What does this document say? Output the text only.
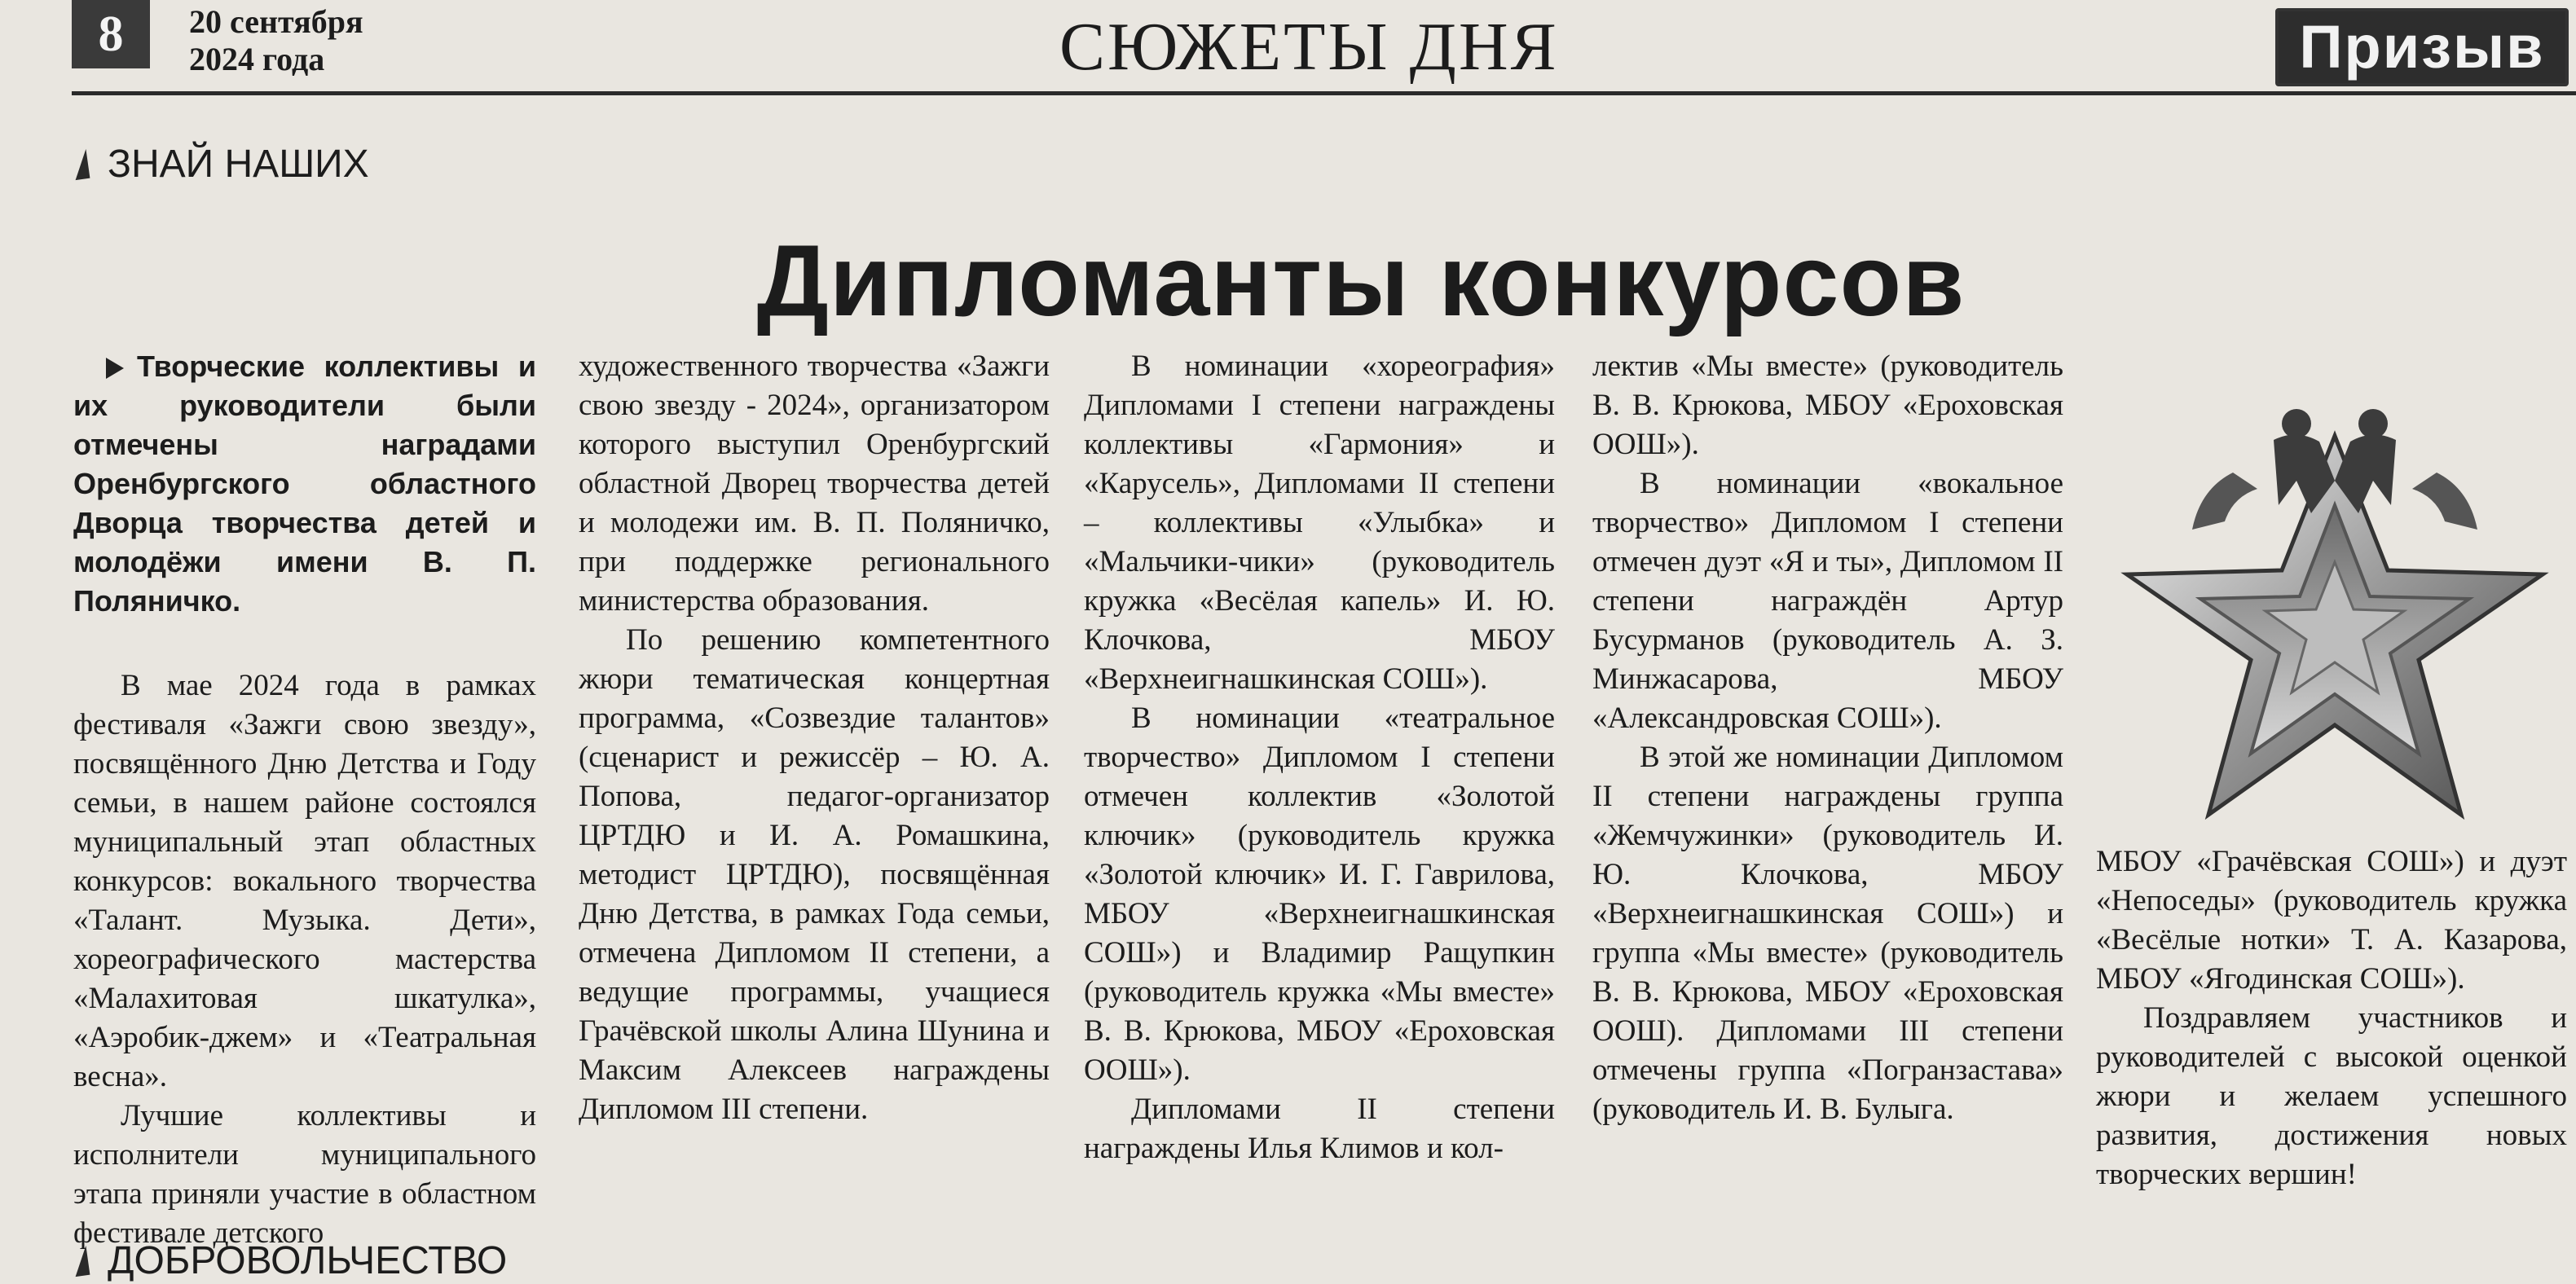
8	20 сентября
2024 года	СЮЖЕТЫ ДНЯ	Призыв
ЗНАЙ НАШИХ
Дипломанты конкурсов

Творческие коллективы и их руководители были отмечены наградами Оренбургского областного Дворца творчества детей и молодёжи имени В. П. Поляничко.

В мае 2024 года в рамках фестиваля «Зажги свою звезду», посвящённого Дню Детства и Году семьи, в нашем районе состоялся муниципальный этап областных конкурсов: вокального творчества «Талант. Музыка. Дети», хореографического мастерства «Малахитовая шкатулка», «Аэробик-джем» и «Театральная весна».

Лучшие коллективы и исполнители муниципального этапа приняли участие в областном фестивале детского

художественного творчества «Зажги свою звезду - 2024», организатором которого выступил Оренбургский областной Дворец творчества детей и молодежи им. В. П. Поляничко, при поддержке регионального министерства образования.

По решению компетентного жюри тематическая концертная программа, «Созвездие талантов» (сценарист и режиссёр – Ю. А. Попова, педагог-организатор ЦРТДЮ и И. А. Ромашкина, методист ЦРТДЮ), посвящённая Дню Детства, в рамках Года семьи, отмечена Дипломом II степени, а ведущие программы, учащиеся Грачёвской школы Алина Шунина и Максим Алексеев награждены Дипломом III степени.

В номинации «хореография» Дипломами I степени награждены коллективы «Гармония» и «Карусель», Дипломами II степени – коллективы «Улыбка» и «Мальчики-чики» (руководитель кружка «Весёлая капель» И. Ю. Клочкова, МБОУ «Верхнеигнашкинская СОШ»).

В номинации «театральное творчество» Дипломом I степени отмечен коллектив «Золотой ключик» (руководитель кружка «Золотой ключик» И. Г. Гаврилова, МБОУ «Верхнеигнашкинская СОШ») и Владимир Ращупкин (руководитель кружка «Мы вместе» В. В. Крюкова, МБОУ «Ероховская ООШ»).

Дипломами II степени награждены Илья Климов и кол-

лектив «Мы вместе» (руководитель В. В. Крюкова, МБОУ «Ероховская ООШ»).

В номинации «вокальное творчество» Дипломом I степени отмечен дуэт «Я и ты», Дипломом II степени награждён Артур Бусурманов (руководитель А. З. Минжасарова, МБОУ «Александровская СОШ»).

В этой же номинации Дипломом II степени награждены группа «Жемчужинки» (руководитель И. Ю. Клочкова, МБОУ «Верхнеигнашкинская СОШ») и группа «Мы вместе» (руководитель В. В. Крюкова, МБОУ «Ероховская ООШ). Дипломами III степени отмечены группа «Погранзастава» (руководитель И. В. Булыга.

МБОУ «Грачёвская СОШ») и дуэт «Непоседы» (руководитель кружка «Весёлые нотки» Т. А. Казарова, МБОУ «Ягодинская СОШ»).

Поздравляем участников и руководителей с высокой оценкой жюри и желаем успешного развития, достижения новых творческих вершин!

ДОБРОВОЛЬЧЕСТВО
